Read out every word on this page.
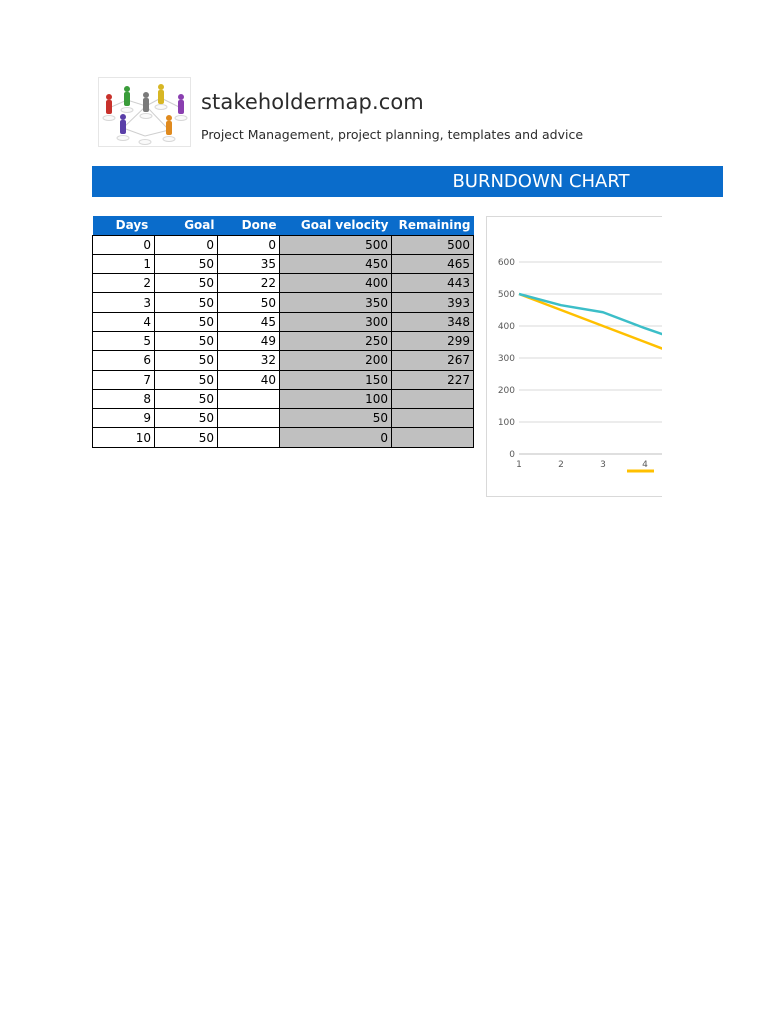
stakeholdermap.com
Project Management, project planning, templates and advice
BURNDOWN CHART
Days	Goal	Done	Goal velocity	Remaining
0	0	0	500	500
1	50	35	450	465
2	50	22	400	443
3	50	50	350	393
4	50	45	300	348
5	50	49	250	299
6	50	32	200	267
7	50	40	150	227
8	50		100	
9	50		50	
10	50		0	
0
100
200
300
400
500
600
1	2	3	4
